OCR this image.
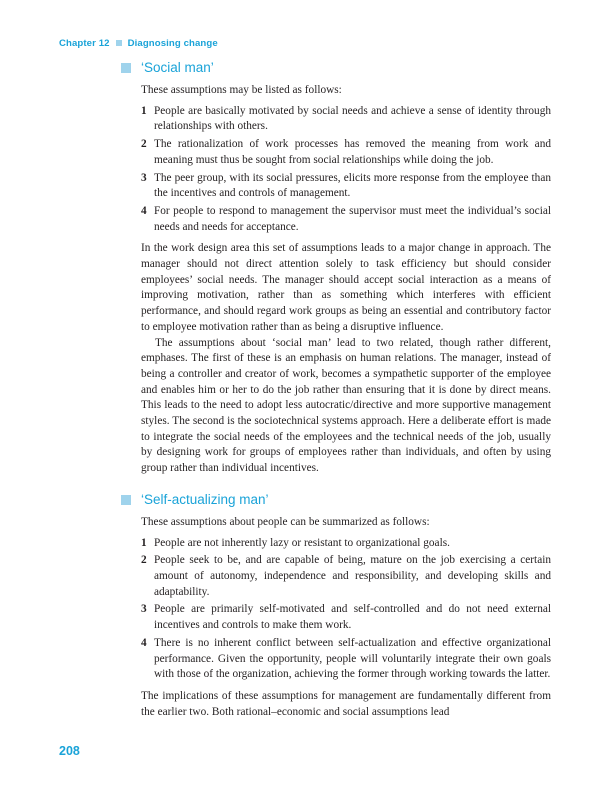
Chapter 12 Diagnosing change
‘Social man’

These assumptions may be listed as follows:

1 People are basically motivated by social needs and achieve a sense of identity through relationships with others.
2 The rationalization of work processes has removed the meaning from work and meaning must thus be sought from social relationships while doing the job.
3 The peer group, with its social pressures, elicits more response from the employee than the incentives and controls of management.
4 For people to respond to management the supervisor must meet the individual’s social needs and needs for acceptance.

In the work design area this set of assumptions leads to a major change in approach. The manager should not direct attention solely to task efficiency but should consider employees’ social needs. The manager should accept social interaction as a means of improving motivation, rather than as something which interferes with efficient performance, and should regard work groups as being an essential and contributory factor to employee motivation rather than as being a disruptive influence.

The assumptions about ‘social man’ lead to two related, though rather different, emphases. The first of these is an emphasis on human relations. The manager, instead of being a controller and creator of work, becomes a sympathetic supporter of the employee and enables him or her to do the job rather than ensuring that it is done by direct means. This leads to the need to adopt less autocratic/directive and more supportive management styles. The second is the sociotechnical systems approach. Here a deliberate effort is made to integrate the social needs of the employees and the technical needs of the job, usually by designing work for groups of employees rather than individuals, and often by using group rather than individual incentives.

‘Self-actualizing man’

These assumptions about people can be summarized as follows:

1 People are not inherently lazy or resistant to organizational goals.
2 People seek to be, and are capable of being, mature on the job exercising a certain amount of autonomy, independence and responsibility, and developing skills and adaptability.
3 People are primarily self-motivated and self-controlled and do not need external incentives and controls to make them work.
4 There is no inherent conflict between self-actualization and effective organizational performance. Given the opportunity, people will voluntarily integrate their own goals with those of the organization, achieving the former through working towards the latter.

The implications of these assumptions for management are fundamentally different from the earlier two. Both rational–economic and social assumptions lead

208
